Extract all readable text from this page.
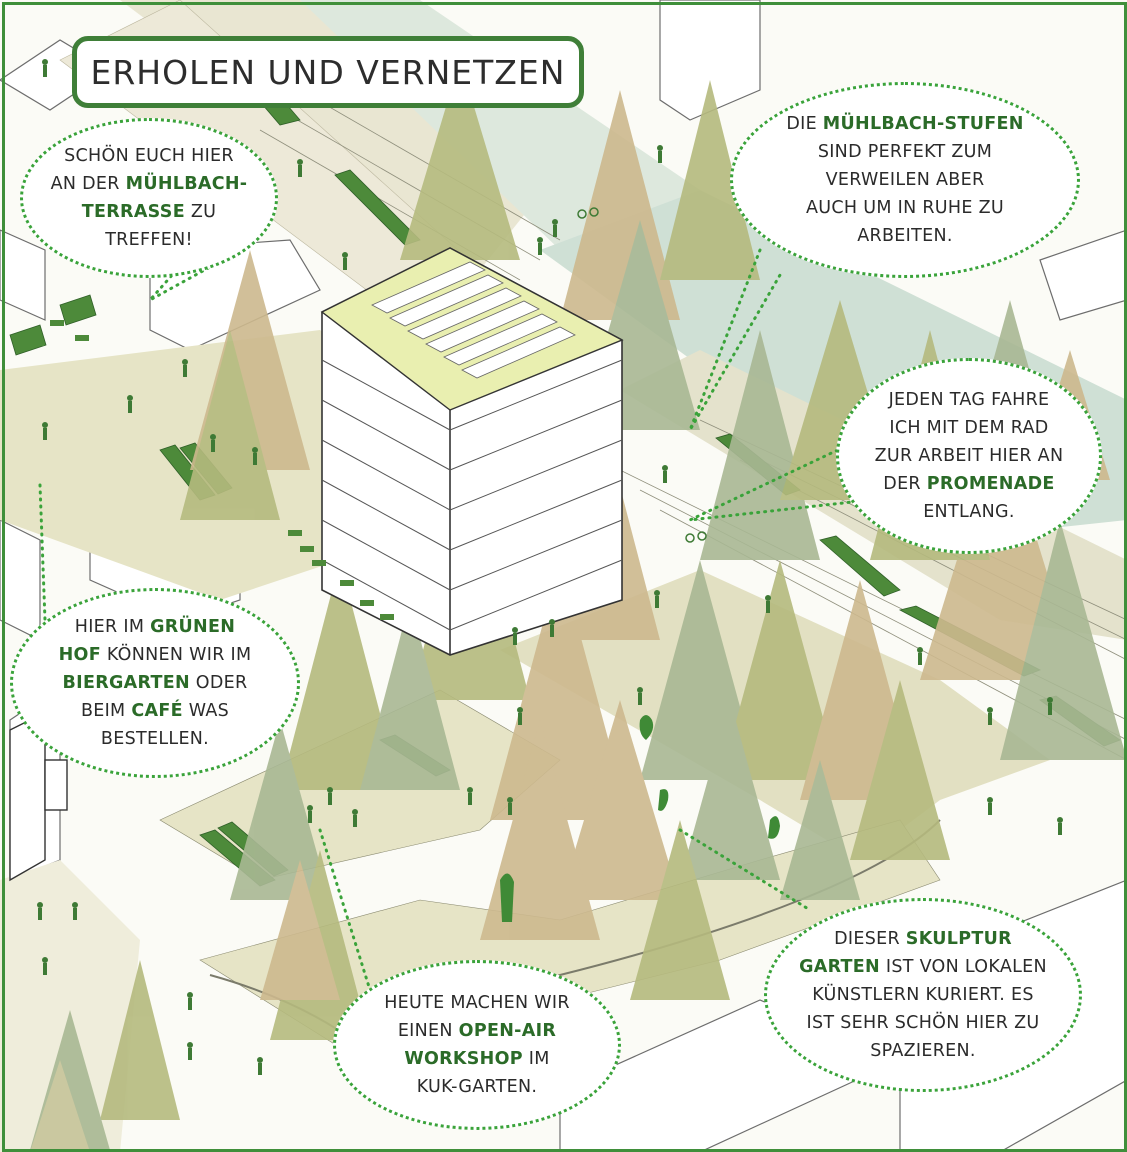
ERHOLEN UND VERNETZEN
SCHÖN EUCH HIER
AN DER MÜHLBACH-
TERRASSE ZU
TREFFEN!
DIE MÜHLBACH-STUFEN
SIND PERFEKT ZUM
VERWEILEN ABER
AUCH UM IN RUHE ZU
ARBEITEN.
JEDEN TAG FAHRE
ICH MIT DEM RAD
ZUR ARBEIT HIER AN
DER PROMENADE
ENTLANG.
HIER IM GRÜNEN
HOF KÖNNEN WIR IM
BIERGARTEN ODER
BEIM CAFÉ WAS
BESTELLEN.
HEUTE MACHEN WIR
EINEN OPEN-AIR
WORKSHOP IM
KUK-GARTEN.
DIESER SKULPTUR
GARTEN IST VON LOKALEN
KÜNSTLERN KURIERT. ES
IST SEHR SCHÖN HIER ZU
SPAZIEREN.
